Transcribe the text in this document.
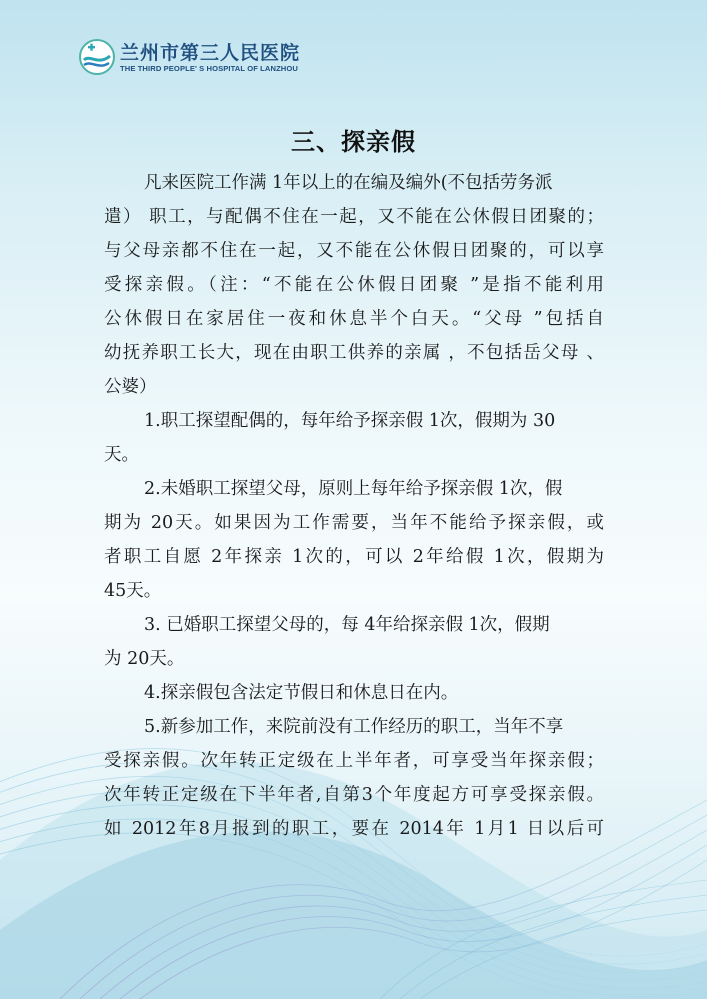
兰州市第三人民医院
THE THIRD PEOPLE' S HOSPITAL OF LANZHOU
三、探亲假
凡来医院工作满 1年以上的在编及编外(不包括劳务派
遣） 职工，与配偶不住在一起，又不能在公休假日团聚的；
与父母亲都不住在一起，又不能在公休假日团聚的，可以享
受探亲假。（注：“不能在公休假日团聚 ”是指不能利用
公休假日在家居住一夜和休息半个白天。“父母 ”包括自
幼抚养职工长大，现在由职工供养的亲属 ，不包括岳父母 、
公婆）
1.职工探望配偶的，每年给予探亲假 1次，假期为 30
天。
2.未婚职工探望父母，原则上每年给予探亲假 1次，假
期为 20天。如果因为工作需要，当年不能给予探亲假，或
者职工自愿 2年探亲 1次的，可以 2年给假 1次，假期为
45天。
3. 已婚职工探望父母的，每 4年给探亲假 1次，假期
为 20天。
4.探亲假包含法定节假日和休息日在内。
5.新参加工作，来院前没有工作经历的职工，当年不享
受探亲假。次年转正定级在上半年者，可享受当年探亲假；
次年转正定级在下半年者,自第3个年度起方可享受探亲假。
如 2012年8月报到的职工，要在 2014年 1月1 日以后可
